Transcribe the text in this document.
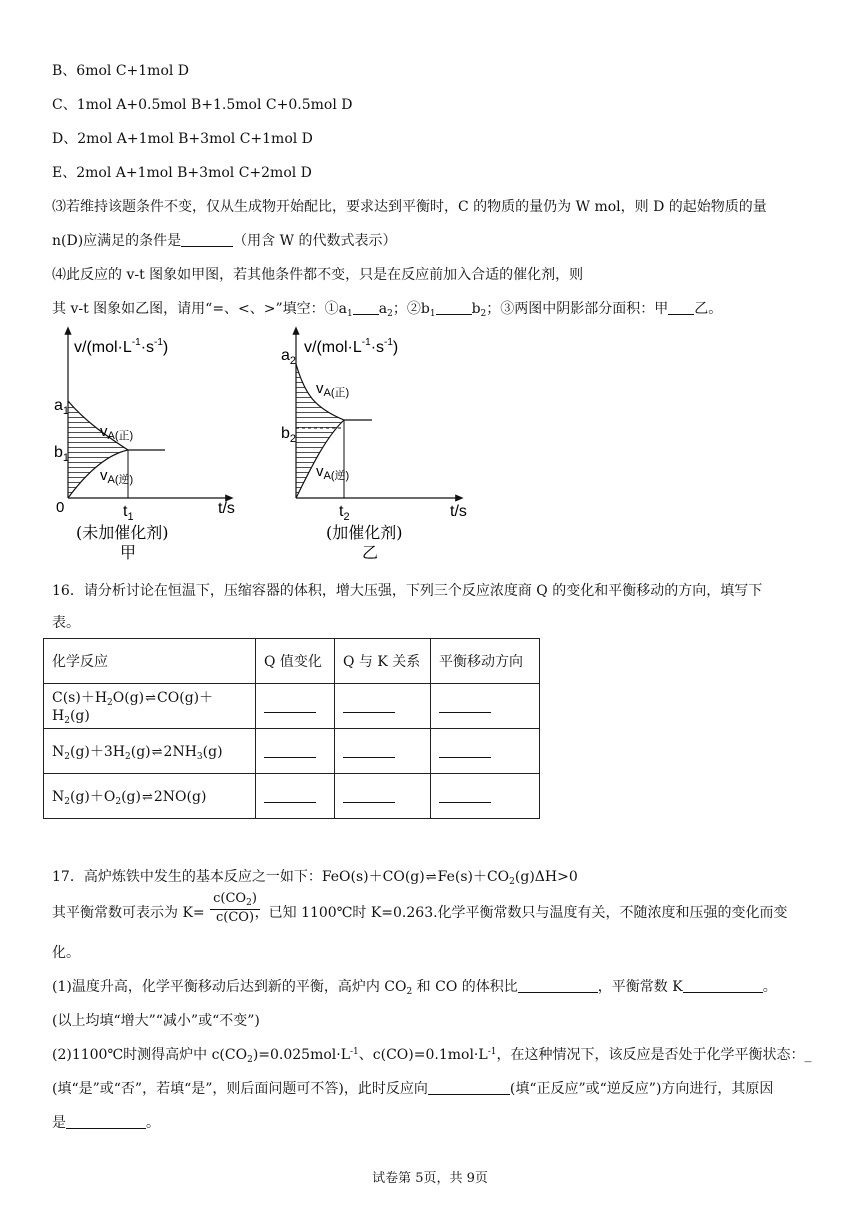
B、6mol C+1mol D
C、1mol A+0.5mol B+1.5mol C+0.5mol D
D、2mol A+1mol B+3mol C+1mol D
E、2mol A+1mol B+3mol C+2mol D
⑶若维持该题条件不变，仅从生成物开始配比，要求达到平衡时，C 的物质的量仍为 W mol，则 D 的起始物质的量
n(D)应满足的条件是	（用含 W 的代数式表示）
⑷此反应的 v-t 图象如甲图，若其他条件都不变，只是在反应前加入合适的催化剂，则
其 v-t 图象如乙图，请用“=、<、>”填空：$①a_1$ $a_2$；$②b_1$	$b_2$；③两图中阴影部分面积：甲 乙。
$v/(mol\cdot L^{-1}\cdot s^{-1})$
$a_1$
$b_1$
0	$t_1$	t/s
$v_{A(正)}$
$v_{A(逆)}$
(未加催化剂)
甲
$v/(mol\cdot L^{-1}\cdot s^{-1})$
$a_2$
$b_2$
$t_2$	t/s
$v_{A(正)}$
$v_{A(逆)}$
(加催化剂)
乙
16．请分析讨论在恒温下，压缩容器的体积，增大压强，下列三个反应浓度商 Q 的变化和平衡移动的方向，填写下
表。
化学反应	Q 值变化	Q 与 K 关系	平衡移动方向
$C(s)+H_2O(g)\rightleftharpoons CO(g)+H_2(g)$			
$N_2(g)+3H_2(g)\rightleftharpoons 2NH_3(g)$			
$N_2(g)+O_2(g)\rightleftharpoons 2NO(g)$			
17．高炉炼铁中发生的基本反应之一如下：$FeO(s)+CO(g)\rightleftharpoons Fe(s)+CO_2(g)\Delta H>0$
其平衡常数可表示为 K=	，已知 1100℃时 K=0.263.化学平衡常数只与温度有关，不随浓度和压强的变化而变
$\frac{c(CO_2)}{c(CO)}$
化。
(1)温度升高，化学平衡移动后达到新的平衡，高炉内 $CO_2$ 和 CO 的体积比	，平衡常数 K	。
(以上均填“增大”“减小”或“不变”)
(2)1100℃时测得高炉中 $c(CO_2)=0.025mol\cdot L^{-1}$、$c(CO)=0.1mol\cdot L^{-1}$，在这种情况下，该反应是否处于化学平衡状态：_
(填“是”或“否”，若填“是”，则后面问题可不答)，此时反应向	(填“正反应”或“逆反应”)方向进行，其原因
是	。
试卷第 5页，共 9页
